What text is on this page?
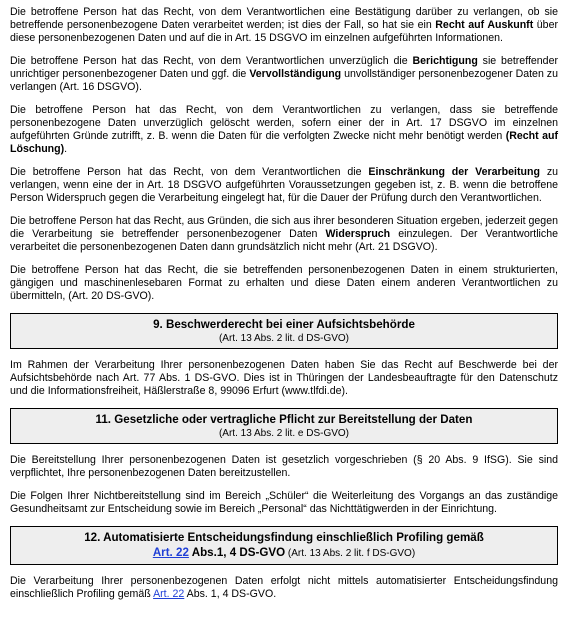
Die betroffene Person hat das Recht, von dem Verantwortlichen eine Bestätigung darüber zu verlangen, ob sie betreffende personenbezogene Daten verarbeitet werden; ist dies der Fall, so hat sie ein Recht auf Auskunft über diese personenbezogenen Daten und auf die in Art. 15 DSGVO im einzelnen aufgeführten Informationen.

Die betroffene Person hat das Recht, von dem Verantwortlichen unverzüglich die Berichtigung sie betreffender unrichtiger personenbezogener Daten und ggf. die Vervollständigung unvollständiger personenbezogener Daten zu verlangen (Art. 16 DSGVO).

Die betroffene Person hat das Recht, von dem Verantwortlichen zu verlangen, dass sie betreffende personenbezogene Daten unverzüglich gelöscht werden, sofern einer der in Art. 17 DSGVO im einzelnen aufgeführten Gründe zutrifft, z. B. wenn die Daten für die verfolgten Zwecke nicht mehr benötigt werden (Recht auf Löschung).

Die betroffene Person hat das Recht, von dem Verantwortlichen die Einschränkung der Verarbeitung zu verlangen, wenn eine der in Art. 18 DSGVO aufgeführten Voraussetzungen gegeben ist, z. B. wenn die betroffene Person Widerspruch gegen die Verarbeitung eingelegt hat, für die Dauer der Prüfung durch den Verantwortlichen.

Die betroffene Person hat das Recht, aus Gründen, die sich aus ihrer besonderen Situation ergeben, jederzeit gegen die Verarbeitung sie betreffender personenbezogener Daten Widerspruch einzulegen. Der Verantwortliche verarbeitet die personenbezogenen Daten dann grundsätzlich nicht mehr (Art. 21 DSGVO).

Die betroffene Person hat das Recht, die sie betreffenden personenbezogenen Daten in einem strukturierten, gängigen und maschinenlesebaren Format zu erhalten und diese Daten einem anderen Verantwortlichen zu übermitteln, (Art. 20 DS-GVO).

9. Beschwerderecht bei einer Aufsichtsbehörde
(Art. 13 Abs. 2 lit. d DS-GVO)

Im Rahmen der Verarbeitung Ihrer personenbezogenen Daten haben Sie das Recht auf Beschwerde bei der Aufsichtsbehörde nach Art. 77 Abs. 1 DS-GVO. Dies ist in Thüringen der Landesbeauftragte für den Datenschutz und die Informationsfreiheit, Häßlerstraße 8, 99096 Erfurt (www.tlfdi.de).

11. Gesetzliche oder vertragliche Pflicht zur Bereitstellung der Daten
(Art. 13 Abs. 2 lit. e DS-GVO)

Die Bereitstellung Ihrer personenbezogenen Daten ist gesetzlich vorgeschrieben (§ 20 Abs. 9 IfSG). Sie sind verpflichtet, Ihre personenbezogenen Daten bereitzustellen.

Die Folgen Ihrer Nichtbereitstellung sind im Bereich „Schüler“ die Weiterleitung des Vorgangs an das zuständige Gesundheitsamt zur Entscheidung sowie im Bereich „Personal“ das Nichttätigwerden in der Einrichtung.

12. Automatisierte Entscheidungsfindung einschließlich Profiling gemäß
Art. 22 Abs.1, 4 DS-GVO (Art. 13 Abs. 2 lit. f DS-GVO)

Die Verarbeitung Ihrer personenbezogenen Daten erfolgt nicht mittels automatisierter Entscheidungsfindung einschließlich Profiling gemäß Art. 22 Abs. 1, 4 DS-GVO.
